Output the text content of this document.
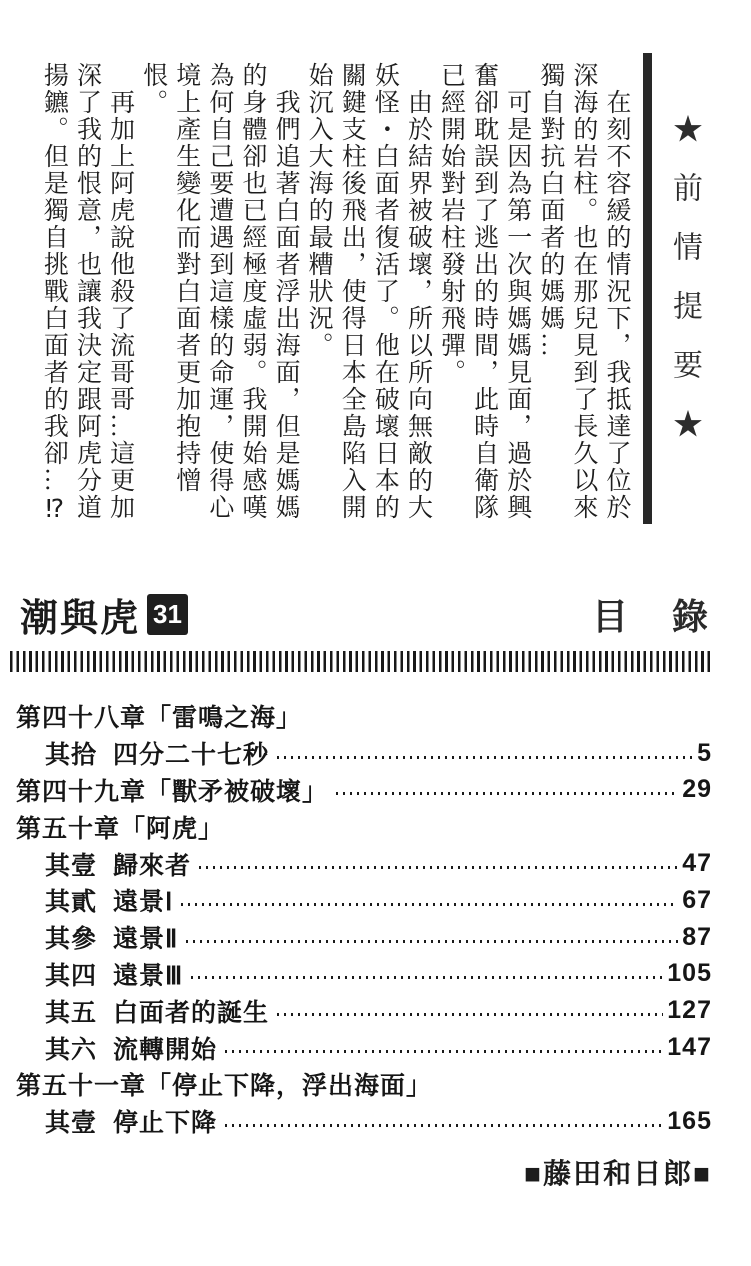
★前情提要★
在刻不容緩的情況下，我抵達了位於
深海的岩柱。也在那兒見到了長久以來
獨自對抗白面者的媽媽…
可是因為第一次與媽媽見面，過於興
奮卻耽誤到了逃出的時間，此時自衛隊
已經開始對岩柱發射飛彈。
由於結界被破壞，所以所向無敵的大
妖怪・白面者復活了。他在破壞日本的
關鍵支柱後飛出，使得日本全島陷入開
始沉入大海的最糟狀況。
我們追著白面者浮出海面，但是媽媽
的身體卻也已經極度虛弱。我開始感嘆
為何自己要遭遇到這樣的命運，使得心
境上產生變化而對白面者更加抱持憎
恨。
再加上阿虎說他殺了流哥哥…這更加
深了我的恨意，也讓我決定跟阿虎分道
揚鑣。但是獨自挑戰白面者的我卻…⁉
潮與虎 31	目　錄
第四十八章「雷鳴之海」
其拾 四分二十七秒	5
第四十九章「獸矛被破壞」	29
第五十章「阿虎」
其壹 歸來者	47
其貳 遠景Ⅰ	67
其參 遠景Ⅱ	87
其四 遠景Ⅲ	105
其五 白面者的誕生	127
其六 流轉開始	147
第五十一章「停止下降，浮出海面」
其壹 停止下降	165
■藤田和日郎■
